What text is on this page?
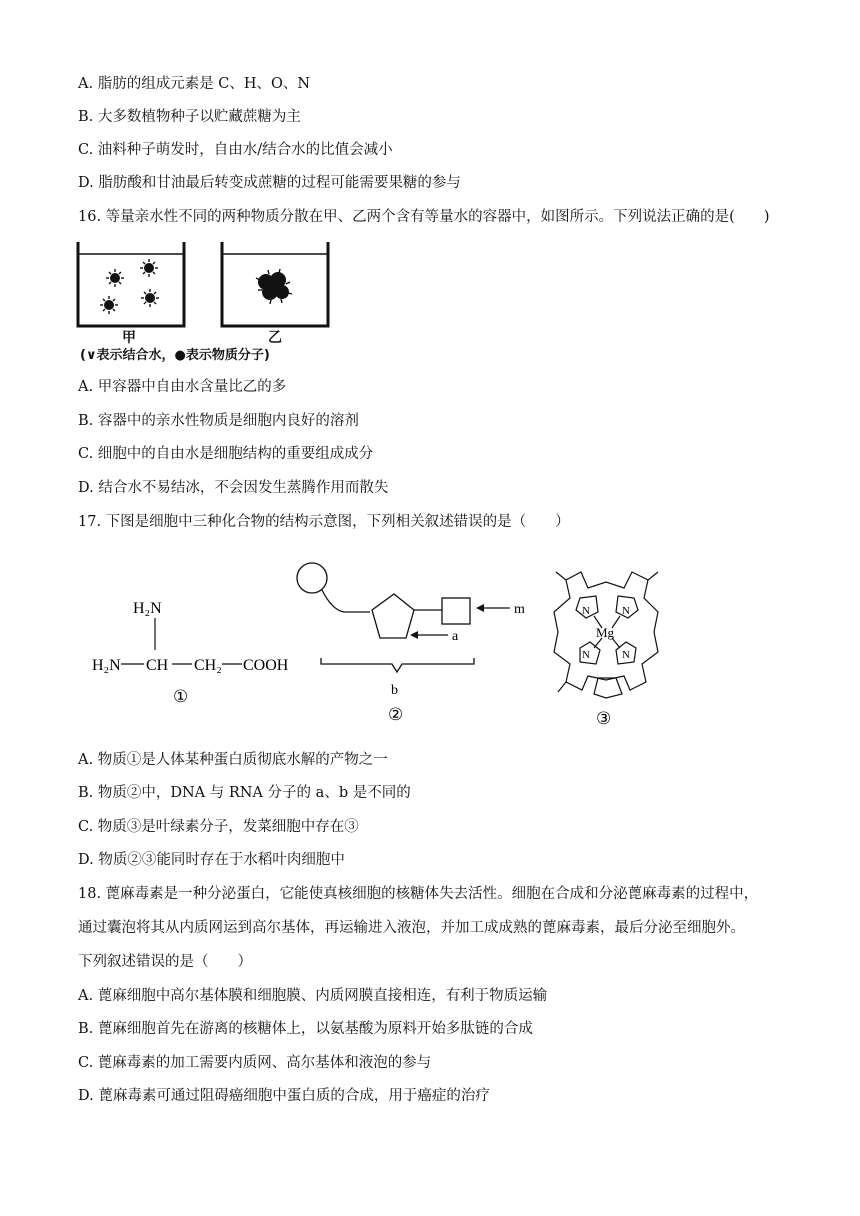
A. 脂肪的组成元素是 C、H、O、N
B. 大多数植物种子以贮藏蔗糖为主
C. 油料种子萌发时，自由水/结合水的比值会减小
D. 脂肪酸和甘油最后转变成蔗糖的过程可能需要果糖的参与
16. 等量亲水性不同的两种物质分散在甲、乙两个含有等量水的容器中，如图所示。下列说法正确的是(　　)
甲	乙
(∨表示结合水，●表示物质分子)
A. 甲容器中自由水含量比乙的多
B. 容器中的亲水性物质是细胞内良好的溶剂
C. 细胞中的自由水是细胞结构的重要组成成分
D. 结合水不易结冰，不会因发生蒸腾作用而散失
17. 下图是细胞中三种化合物的结构示意图，下列相关叙述错误的是（　　）
H₂N
H₂N CH CH₂ COOH
①
m
a
b
②
N	N
N	N
Mg
③
A. 物质①是人体某种蛋白质彻底水解的产物之一
B. 物质②中，DNA 与 RNA 分子的 a、b 是不同的
C. 物质③是叶绿素分子，发菜细胞中存在③
D. 物质②③能同时存在于水稻叶肉细胞中
18. 蓖麻毒素是一种分泌蛋白，它能使真核细胞的核糖体失去活性。细胞在合成和分泌蓖麻毒素的过程中，
通过囊泡将其从内质网运到高尔基体，再运输进入液泡，并加工成成熟的蓖麻毒素，最后分泌至细胞外。
下列叙述错误的是（　　）
A. 蓖麻细胞中高尔基体膜和细胞膜、内质网膜直接相连，有利于物质运输
B. 蓖麻细胞首先在游离的核糖体上，以氨基酸为原料开始多肽链的合成
C. 蓖麻毒素的加工需要内质网、高尔基体和液泡的参与
D. 蓖麻毒素可通过阻碍癌细胞中蛋白质的合成，用于癌症的治疗
